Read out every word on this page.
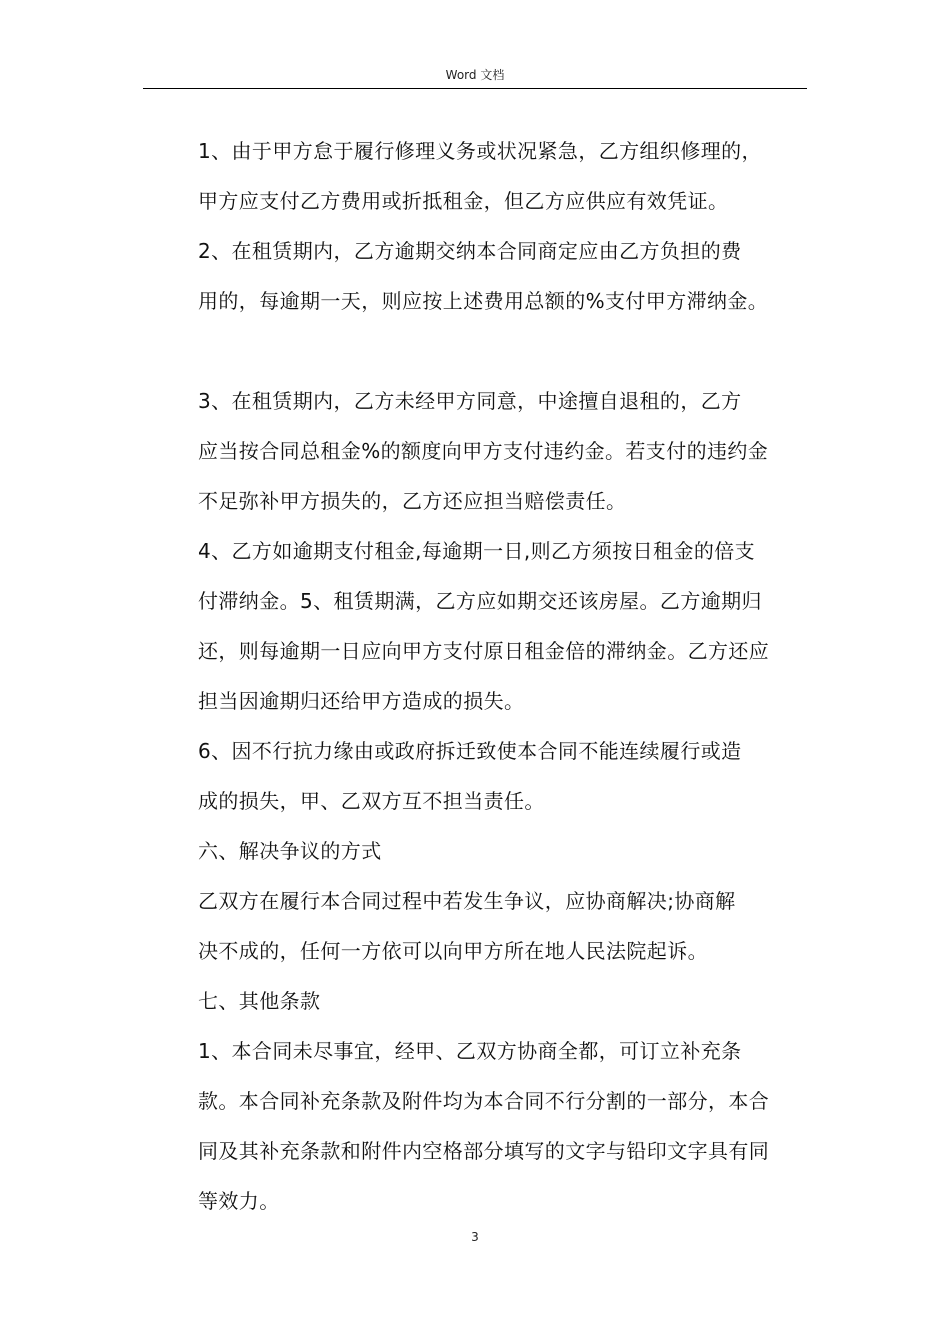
Word 文档

1、由于甲方怠于履行修理义务或状况紧急，乙方组织修理的，
甲方应支付乙方费用或折抵租金，但乙方应供应有效凭证。

2、在租赁期内，乙方逾期交纳本合同商定应由乙方负担的费
用的，每逾期一天，则应按上述费用总额的%支付甲方滞纳金。

3、在租赁期内，乙方未经甲方同意，中途擅自退租的，乙方
应当按合同总租金%的额度向甲方支付违约金。若支付的违约金
不足弥补甲方损失的，乙方还应担当赔偿责任。

4、乙方如逾期支付租金,每逾期一日,则乙方须按日租金的倍支
付滞纳金。5、租赁期满，乙方应如期交还该房屋。乙方逾期归
还，则每逾期一日应向甲方支付原日租金倍的滞纳金。乙方还应
担当因逾期归还给甲方造成的损失。

6、因不行抗力缘由或政府拆迁致使本合同不能连续履行或造
成的损失，甲、乙双方互不担当责任。

六、解决争议的方式

乙双方在履行本合同过程中若发生争议，应协商解决;协商解
决不成的，任何一方依可以向甲方所在地人民法院起诉。

七、其他条款

1、本合同未尽事宜，经甲、乙双方协商全都，可订立补充条
款。本合同补充条款及附件均为本合同不行分割的一部分，本合
同及其补充条款和附件内空格部分填写的文字与铅印文字具有同
等效力。

3
